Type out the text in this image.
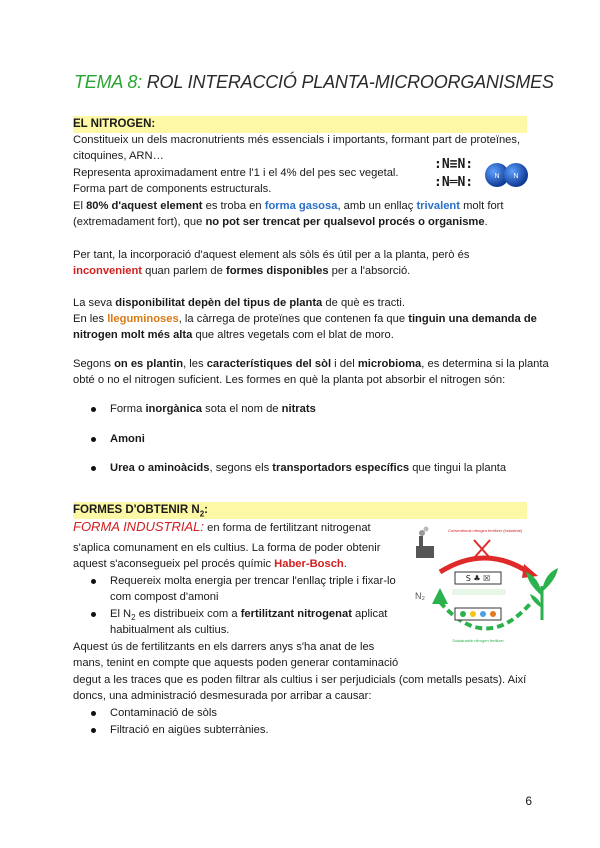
TEMA 8: ROL INTERACCIÓ PLANTA-MICROORGANISMES
EL NITROGEN:
Constitueix un dels macronutrients més essencials i importants, formant part de proteïnes,
citoquines, ARN…
Representa aproximadament entre l'1 i el 4% del pes sec vegetal.
Forma part de components estructurals.
El 80% d'aquest element es troba en forma gasosa, amb un enllaç trivalent molt fort
(extremadament fort), que no pot ser trencat per qualsevol procés o organisme.
:N≡N:
:N═N:	N N
Per tant, la incorporació d'aquest element als sòls és útil per a la planta, però és
inconvenient quan parlem de formes disponibles per a l'absorció.
La seva disponibilitat depèn del tipus de planta de què es tracti.
En les lleguminoses, la càrrega de proteïnes que contenen fa que tinguin una demanda de
nitrogen molt més alta que altres vegetals com el blat de moro.
Segons on es plantin, les característiques del sòl i del microbioma, es determina si la planta
obté o no el nitrogen suficient. Les formes en què la planta pot absorbir el nitrogen són:
Forma inorgànica sota el nom de nitrats
Amoni
Urea o aminoàcids, segons els transportadors específics que tingui la planta
FORMES D'OBTENIR $N_2$:
FORMA INDUSTRIAL: en forma de fertilitzant nitrogenat
s'aplica comunament en els cultius. La forma de poder obtenir
aquest s'aconsegueix pel procés químic Haber-Bosch.
Requereix molta energia per trencar l'enllaç triple i fixar-lo
com compost d'amoni
El $N_2$ es distribueix com a fertilitzant nitrogenat aplicat
habitualment als cultius.
Aquest ús de fertilitzants en els darrers anys s'ha anat de les
mans, tenint en compte que aquests poden generar contaminació
degut a les traces que es poden filtrar als cultius i ser perjudicials (com metalls pesats). Així
doncs, una administració desmesurada por arribar a causar:
Contaminació de sòls
Filtració en aigües subterrànies.
N₂
Conventional nitrogen fertilizer (industrial)
S ♣ ☒
Sustainable nitrogen fertilizer
6
